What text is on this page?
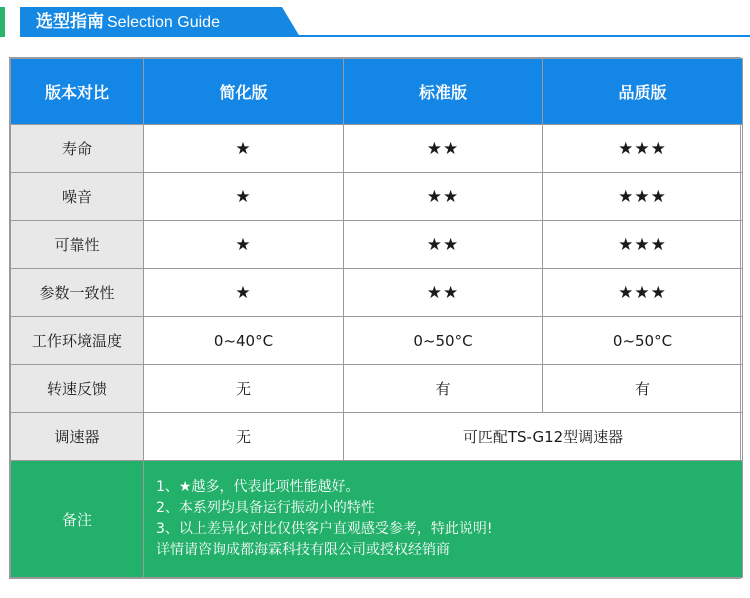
选型指南 Selection Guide
版本对比	简化版	标准版	品质版
寿命	★	★★	★★★
噪音	★	★★	★★★
可靠性	★	★★	★★★
参数一致性	★	★★	★★★
工作环境温度	0~40°C	0~50°C	0~50°C
转速反馈	无	有	有
调速器	无	可匹配TS-G12型调速器	
备注	1、★越多，代表此项性能越好。
2、本系列均具备运行振动小的特性
3、以上差异化对比仅供客户直观感受参考，特此说明!
详情请咨询成都海霖科技有限公司或授权经销商		
